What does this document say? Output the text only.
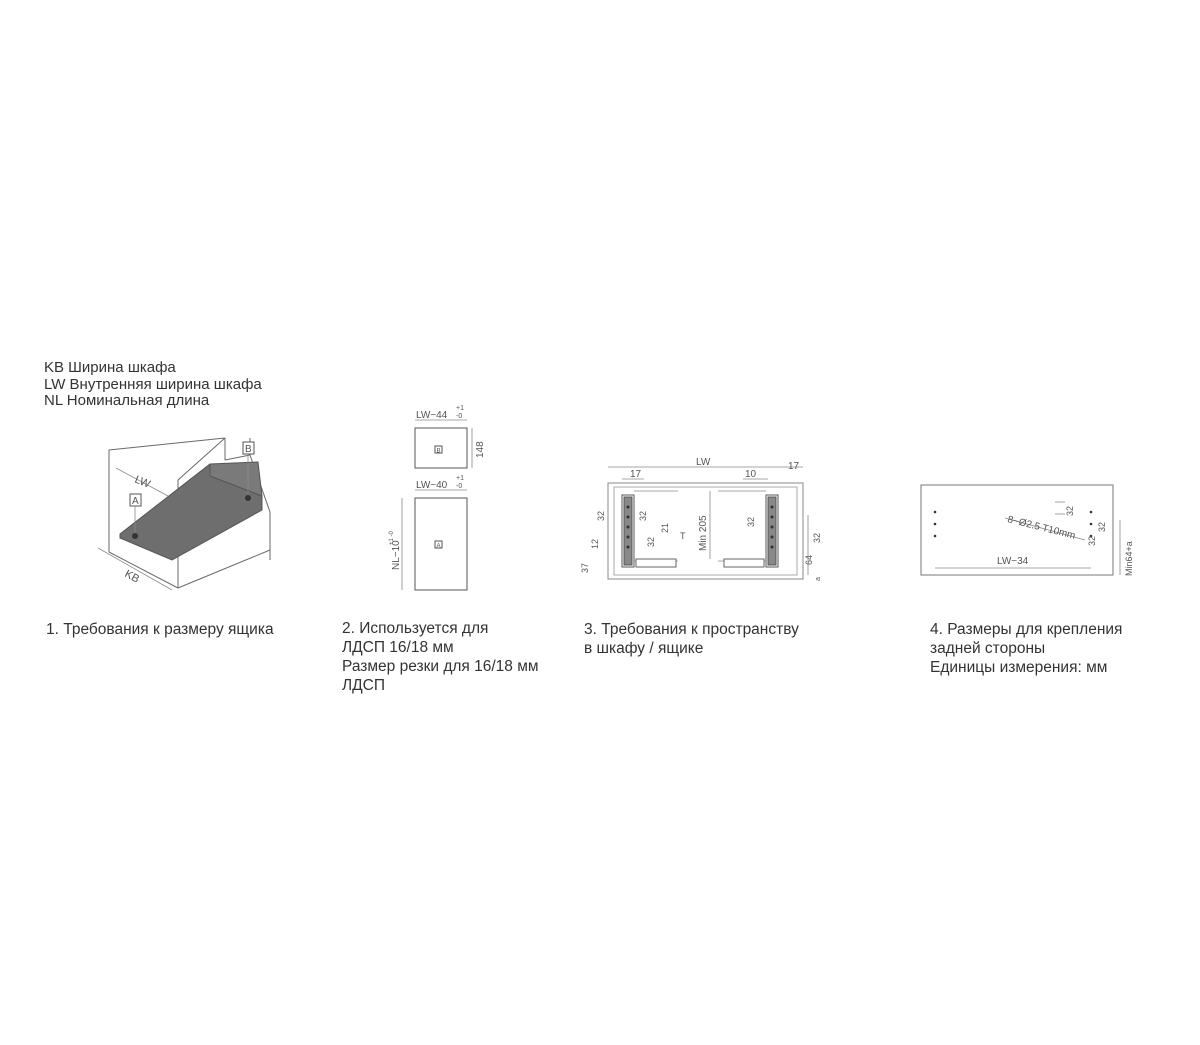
KB Ширина шкафа
LW Внутренняя ширина шкафа
NL Номинальная длина
LW
KB
A
B
LW−44
+1
-0
B	148
LW−40
+1
-0
A
NL−10
+1 -0
LW
17	10
17
32
12
37
32
21
32
T Min 205	32
64
32
a
8−Ø2.5 T10mm
32
32
32
LW−34	Min64+a
1. Требования к размеру ящика	2. Используется для
ЛДСП 16/18 мм
Размер резки для 16/18 мм
ЛДСП
3. Требования к пространству
в шкафу / ящике
4. Размеры для крепления
задней стороны
Единицы измерения: мм
